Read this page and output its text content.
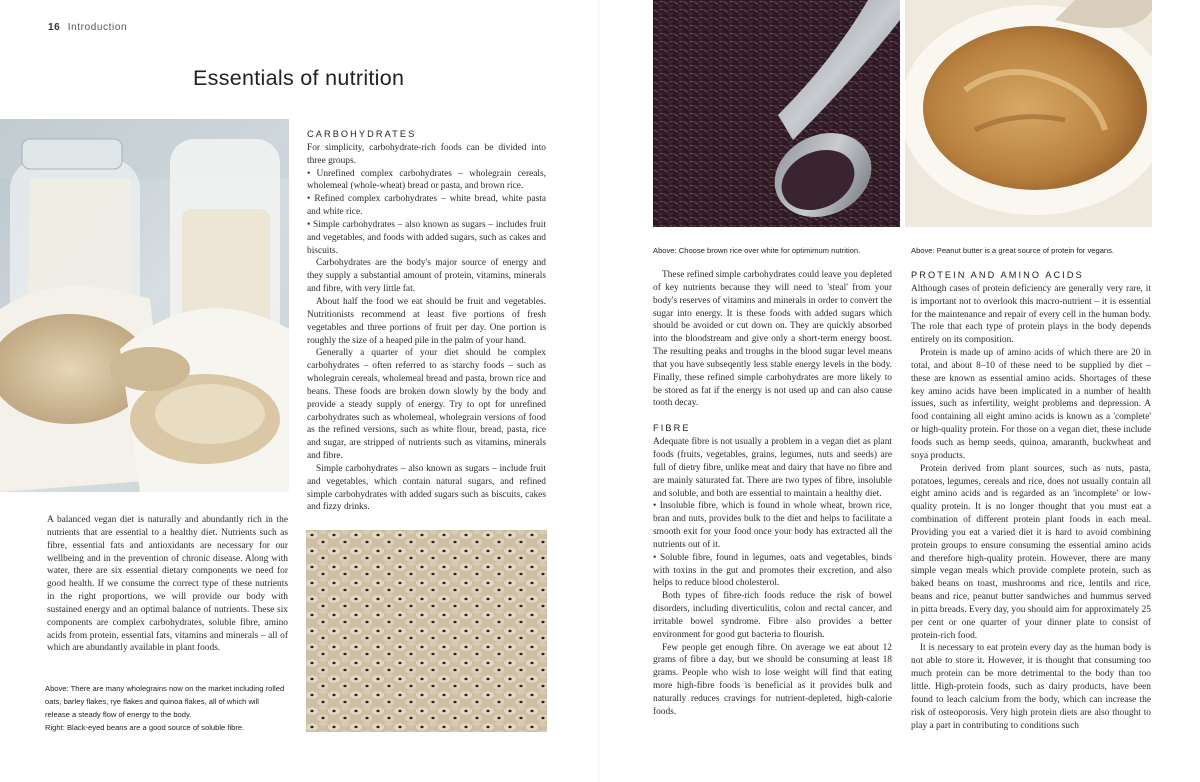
16 Introduction
Essentials of nutrition

A balanced vegan diet is naturally and abundantly rich in the nutrients that are essential to a healthy diet. Nutrients such as fibre, essential fats and antioxidants are necessary for our wellbeing and in the prevention of chronic disease. Along with water, there are six essential dietary components we need for good health. If we consume the correct type of these nutrients in the right proportions, we will provide our body with sustained energy and an optimal balance of nutrients. These six components are complex carbohydrates, soluble fibre, amino acids from protein, essential fats, vitamins and minerals – all of which are abundantly available in plant foods.

Above: There are many wholegrains now on the market including rolled oats, barley flakes, rye flakes and quinoa flakes, all of which will release a steady flow of energy to the body.

Right: Black-eyed beans are a good source of soluble fibre.

CARBOHYDRATES

For simplicity, carbohydrate-rich foods can be divided into three groups.

• Unrefined complex carbohydrates – wholegrain cereals, wholemeal (whole-wheat) bread or pasta, and brown rice.

• Refined complex carbohydrates – white bread, white pasta and white rice.

• Simple carbohydrates – also known as sugars – includes fruit and vegetables, and foods with added sugars, such as cakes and biscuits.

Carbohydrates are the body's major source of energy and they supply a substantial amount of protein, vitamins, minerals and fibre, with very little fat.

About half the food we eat should be fruit and vegetables. Nutritionists recommend at least five portions of fresh vegetables and three portions of fruit per day. One portion is roughly the size of a heaped pile in the palm of your hand.

Generally a quarter of your diet should be complex carbohydrates – often referred to as starchy foods – such as wholegrain cereals, wholemeal bread and pasta, brown rice and beans. These foods are broken down slowly by the body and provide a steady supply of energy. Try to opt for unrefined carbohydrates such as wholemeal, wholegrain versions of food as the refined versions, such as white flour, bread, pasta, rice and sugar, are stripped of nutrients such as vitamins, minerals and fibre.

Simple carbohydrates – also known as sugars – include fruit and vegetables, which contain natural sugars, and refined simple carbohydrates with added sugars such as biscuits, cakes and fizzy drinks.

Above: Choose brown rice over white for optimimum nutrition.	Above: Peanut butter is a great source of protein for vegans.

These refined simple carbohydrates could leave you depleted of key nutrients because they will need to 'steal' from your body's reserves of vitamins and minerals in order to convert the sugar into energy. It is these foods with added sugars which should be avoided or cut down on. They are quickly absorbed into the bloodstream and give only a short-term energy boost. The resulting peaks and troughs in the blood sugar level means that you have subseqently less stable energy levels in the body. Finally, these refined simple carbohydrates are more likely to be stored as fat if the energy is not used up and can also cause tooth decay.

FIBRE

Adequate fibre is not usually a problem in a vegan diet as plant foods (fruits, vegetables, grains, legumes, nuts and seeds) are full of dietry fibre, unlike meat and dairy that have no fibre and are mainly saturated fat. There are two types of fibre, insoluble and soluble, and both are essential to maintain a healthy diet.

• Insoluble fibre, which is found in whole wheat, brown rice, bran and nuts, provides bulk to the diet and helps to facilitate a smooth exit for your food once your body has extracted all the nutrients out of it.

• Soluble fibre, found in legumes, oats and vegetables, binds with toxins in the gut and promotes their excretion, and also helps to reduce blood cholesterol.

Both types of fibre-rich foods reduce the risk of bowel disorders, including diverticulitis, colon and rectal cancer, and irritable bowel syndrome. Fibre also provides a better environment for good gut bacteria to flourish.

Few people get enough fibre. On average we eat about 12 grams of fibre a day, but we should be consuming at least 18 grams. People who wish to lose weight will find that eating more high-fibre foods is beneficial as it provides bulk and naturally reduces cravings for nutrient-depleted, high-calorie foods.

PROTEIN AND AMINO ACIDS

Although cases of protein deficiency are generally very rare, it is important not to overlook this macro-nutrient – it is essential for the maintenance and repair of every cell in the human body. The role that each type of protein plays in the body depends entirely on its composition.

Protein is made up of amino acids of which there are 20 in total, and about 8–10 of these need to be supplied by diet – these are known as essential amino acids. Shortages of these key amino acids have been implicated in a number of health issues, such as infertility, weight problems and depression. A food containing all eight amino acids is known as a 'complete' or high-quality protein. For those on a vegan diet, these include foods such as hemp seeds, quinoa, amaranth, buckwheat and soya products.

Protein derived from plant sources, such as nuts, pasta, potatoes, legumes, cereals and rice, does not usually contain all eight amino acids and is regarded as an 'incomplete' or low-quality protein. It is no longer thought that you must eat a combination of different protein plant foods in each meal. Providing you eat a varied diet it is hard to avoid combining protein groups to ensure consuming the essential amino acids and therefore high-quality protein. However, there are many simple vegan meals which provide complete protein, such as baked beans on toast, mushrooms and rice, lentils and rice, beans and rice, peanut butter sandwiches and hummus served in pitta breads. Every day, you should aim for approximately 25 per cent or one quarter of your dinner plate to consist of protein-rich food.

It is necessary to eat protein every day as the human body is not able to store it. However, it is thought that consuming too much protein can be more detrimental to the body than too little. High-protein foods, such as dairy products, have been found to leach calcium from the body, which can increase the risk of osteoporosis. Very high protein diets are also thought to play a part in contributing to conditions such
